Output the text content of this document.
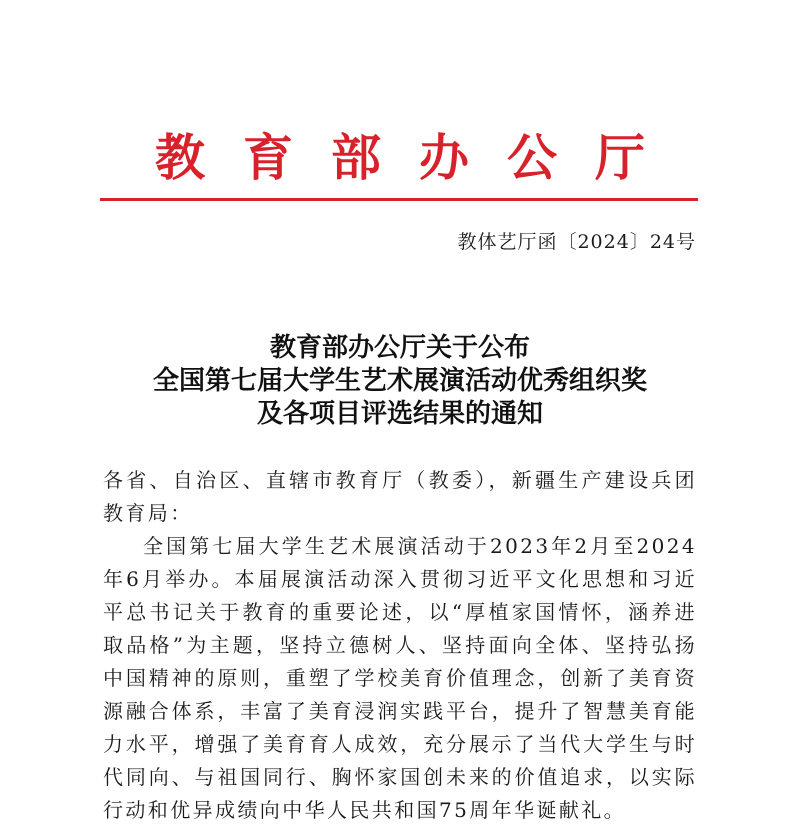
教育部办公厅
教体艺厅函〔2024〕24号
教育部办公厅关于公布
全国第七届大学生艺术展演活动优秀组织奖
及各项目评选结果的通知

各省、自治区、直辖市教育厅（教委），新疆生产建设兵团教育局：

全国第七届大学生艺术展演活动于2023年2月至2024年6月举办。本届展演活动深入贯彻习近平文化思想和习近平总书记关于教育的重要论述，以“厚植家国情怀，涵养进取品格”为主题，坚持立德树人、坚持面向全体、坚持弘扬中国精神的原则，重塑了学校美育价值理念，创新了美育资源融合体系，丰富了美育浸润实践平台，提升了智慧美育能力水平，增强了美育育人成效，充分展示了当代大学生与时代同向、与祖国同行、胸怀家国创未来的价值追求，以实际行动和优异成绩向中华人民共和国75周年华诞献礼。
